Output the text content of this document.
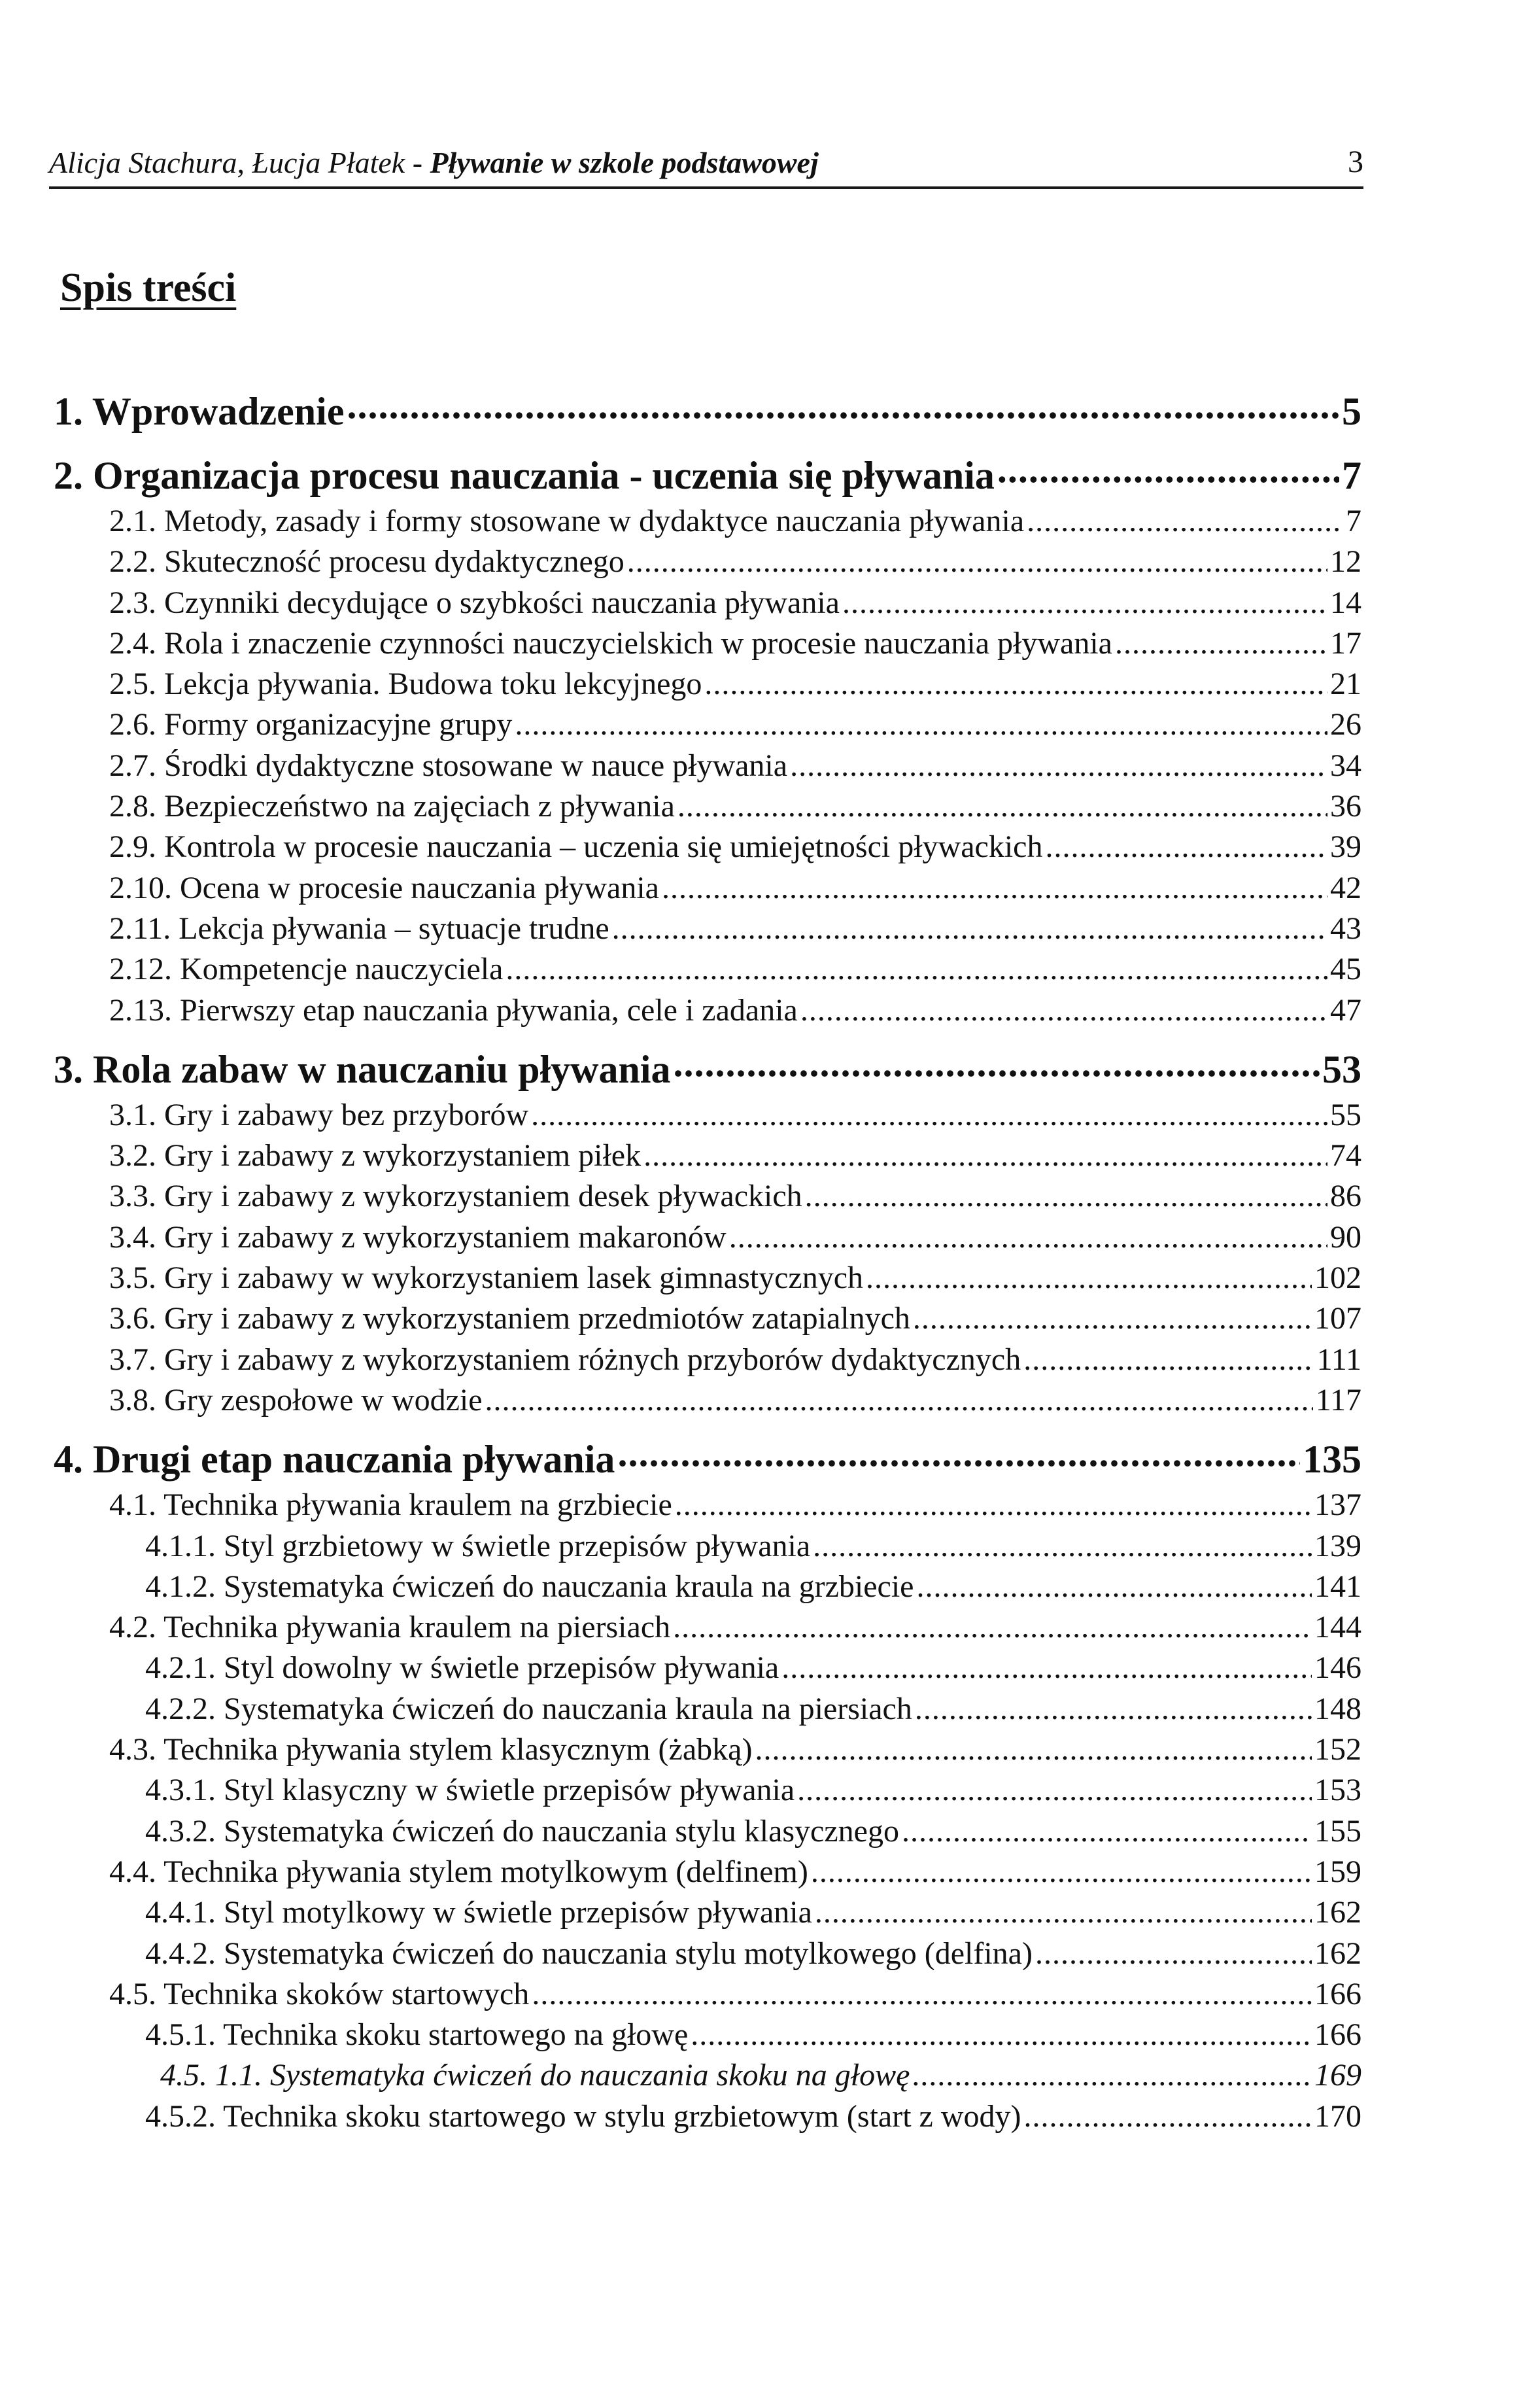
Alicja Stachura, Łucja Płatek - Pływanie w szkole podstawowej	3
Spis treści
1. Wprowadzenie .....	5
2. Organizacja procesu nauczania - uczenia się pływania .....	7
2.1. Metody, zasady i formy stosowane w dydaktyce nauczania pływania .....	7
2.2. Skuteczność procesu dydaktycznego .....	12
2.3. Czynniki decydujące o szybkości nauczania pływania .....	14
2.4. Rola i znaczenie czynności nauczycielskich w procesie nauczania pływania .....	17
2.5. Lekcja pływania. Budowa toku lekcyjnego .....	21
2.6. Formy organizacyjne grupy .....	26
2.7. Środki dydaktyczne stosowane w nauce pływania .....	34
2.8. Bezpieczeństwo na zajęciach z pływania .....	36
2.9. Kontrola w procesie nauczania – uczenia się umiejętności pływackich .....	39
2.10. Ocena w procesie nauczania pływania .....	42
2.11. Lekcja pływania – sytuacje trudne .....	43
2.12. Kompetencje nauczyciela .....	45
2.13. Pierwszy etap nauczania pływania, cele i zadania .....	47
3. Rola zabaw w nauczaniu pływania .....	53
3.1. Gry i zabawy bez przyborów .....	55
3.2. Gry i zabawy z wykorzystaniem piłek .....	74
3.3. Gry i zabawy z wykorzystaniem desek pływackich .....	86
3.4. Gry i zabawy z wykorzystaniem makaronów .....	90
3.5. Gry i zabawy w wykorzystaniem lasek gimnastycznych .....	102
3.6. Gry i zabawy z wykorzystaniem przedmiotów zatapialnych .....	107
3.7. Gry i zabawy z wykorzystaniem różnych przyborów dydaktycznych .....	111
3.8. Gry zespołowe w wodzie .....	117
4. Drugi etap nauczania pływania .....	135
4.1. Technika pływania kraulem na grzbiecie .....	137
4.1.1. Styl grzbietowy w świetle przepisów pływania .....	139
4.1.2. Systematyka ćwiczeń do nauczania kraula na grzbiecie .....	141
4.2. Technika pływania kraulem na piersiach .....	144
4.2.1. Styl dowolny w świetle przepisów pływania .....	146
4.2.2. Systematyka ćwiczeń do nauczania kraula na piersiach .....	148
4.3. Technika pływania stylem klasycznym (żabką) .....	152
4.3.1. Styl klasyczny w świetle przepisów pływania .....	153
4.3.2. Systematyka ćwiczeń do nauczania stylu klasycznego .....	155
4.4. Technika pływania stylem motylkowym (delfinem) .....	159
4.4.1. Styl motylkowy w świetle przepisów pływania .....	162
4.4.2. Systematyka ćwiczeń do nauczania stylu motylkowego (delfina) .....	162
4.5. Technika skoków startowych .....	166
4.5.1. Technika skoku startowego na głowę .....	166
4.5. 1.1. Systematyka ćwiczeń do nauczania skoku na głowę .....	169
4.5.2. Technika skoku startowego w stylu grzbietowym (start z wody) .....	170
